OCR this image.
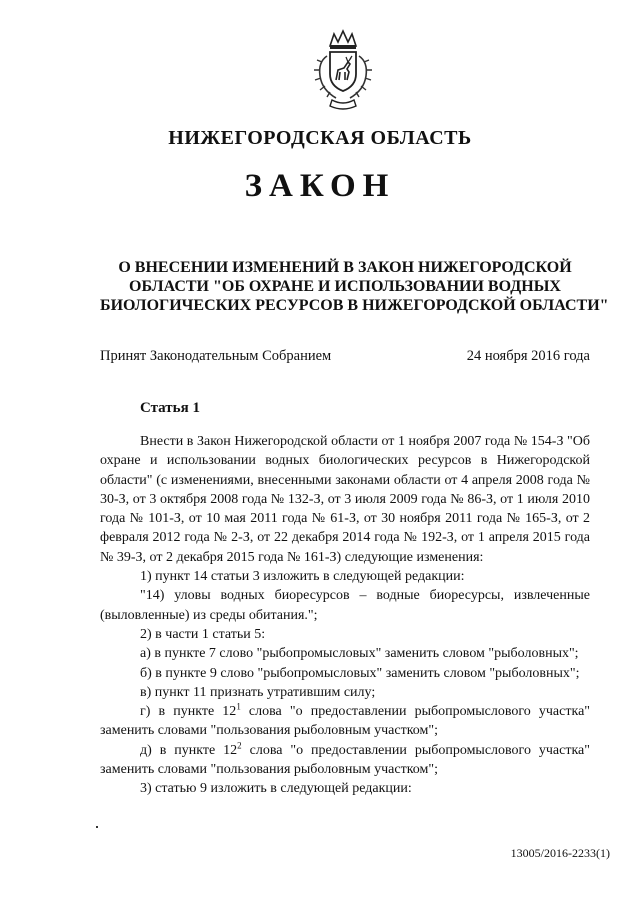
НИЖЕГОРОДСКАЯ ОБЛАСТЬ
ЗАКОН
О ВНЕСЕНИИ ИЗМЕНЕНИЙ В ЗАКОН НИЖЕГОРОДСКОЙ
ОБЛАСТИ "ОБ ОХРАНЕ И ИСПОЛЬЗОВАНИИ ВОДНЫХ
БИОЛОГИЧЕСКИХ РЕСУРСОВ В НИЖЕГОРОДСКОЙ ОБЛАСТИ"
Принят Законодательным Собранием	24 ноября 2016 года
Статья 1

Внести в Закон Нижегородской области от 1 ноября 2007 года № 154-З "Об охране и использовании водных биологических ресурсов в Нижегородской области" (с изменениями, внесенными законами области от 4 апреля 2008 года № 30-З, от 3 октября 2008 года № 132-З, от 3 июля 2009 года № 86-З, от 1 июля 2010 года № 101-З, от 10 мая 2011 года № 61-З, от 30 ноября 2011 года № 165-З, от 2 февраля 2012 года № 2-З, от 22 декабря 2014 года № 192-З, от 1 апреля 2015 года № 39-З, от 2 декабря 2015 года № 161-З) следующие изменения:

1) пункт 14 статьи 3 изложить в следующей редакции:

"14) уловы водных биоресурсов – водные биоресурсы, извлеченные (выловленные) из среды обитания.";

2) в части 1 статьи 5:

а) в пункте 7 слово "рыбопромысловых" заменить словом "рыболовных";

б) в пункте 9 слово "рыбопромысловых" заменить словом "рыболовных";

в) пункт 11 признать утратившим силу;

г) в пункте $12^1$ слова "о предоставлении рыбопромыслового участка" заменить словами "пользования рыболовным участком";

д) в пункте $12^2$ слова "о предоставлении рыбопромыслового участка" заменить словами "пользования рыболовным участком";

3) статью 9 изложить в следующей редакции:

13005/2016-2233(1)
